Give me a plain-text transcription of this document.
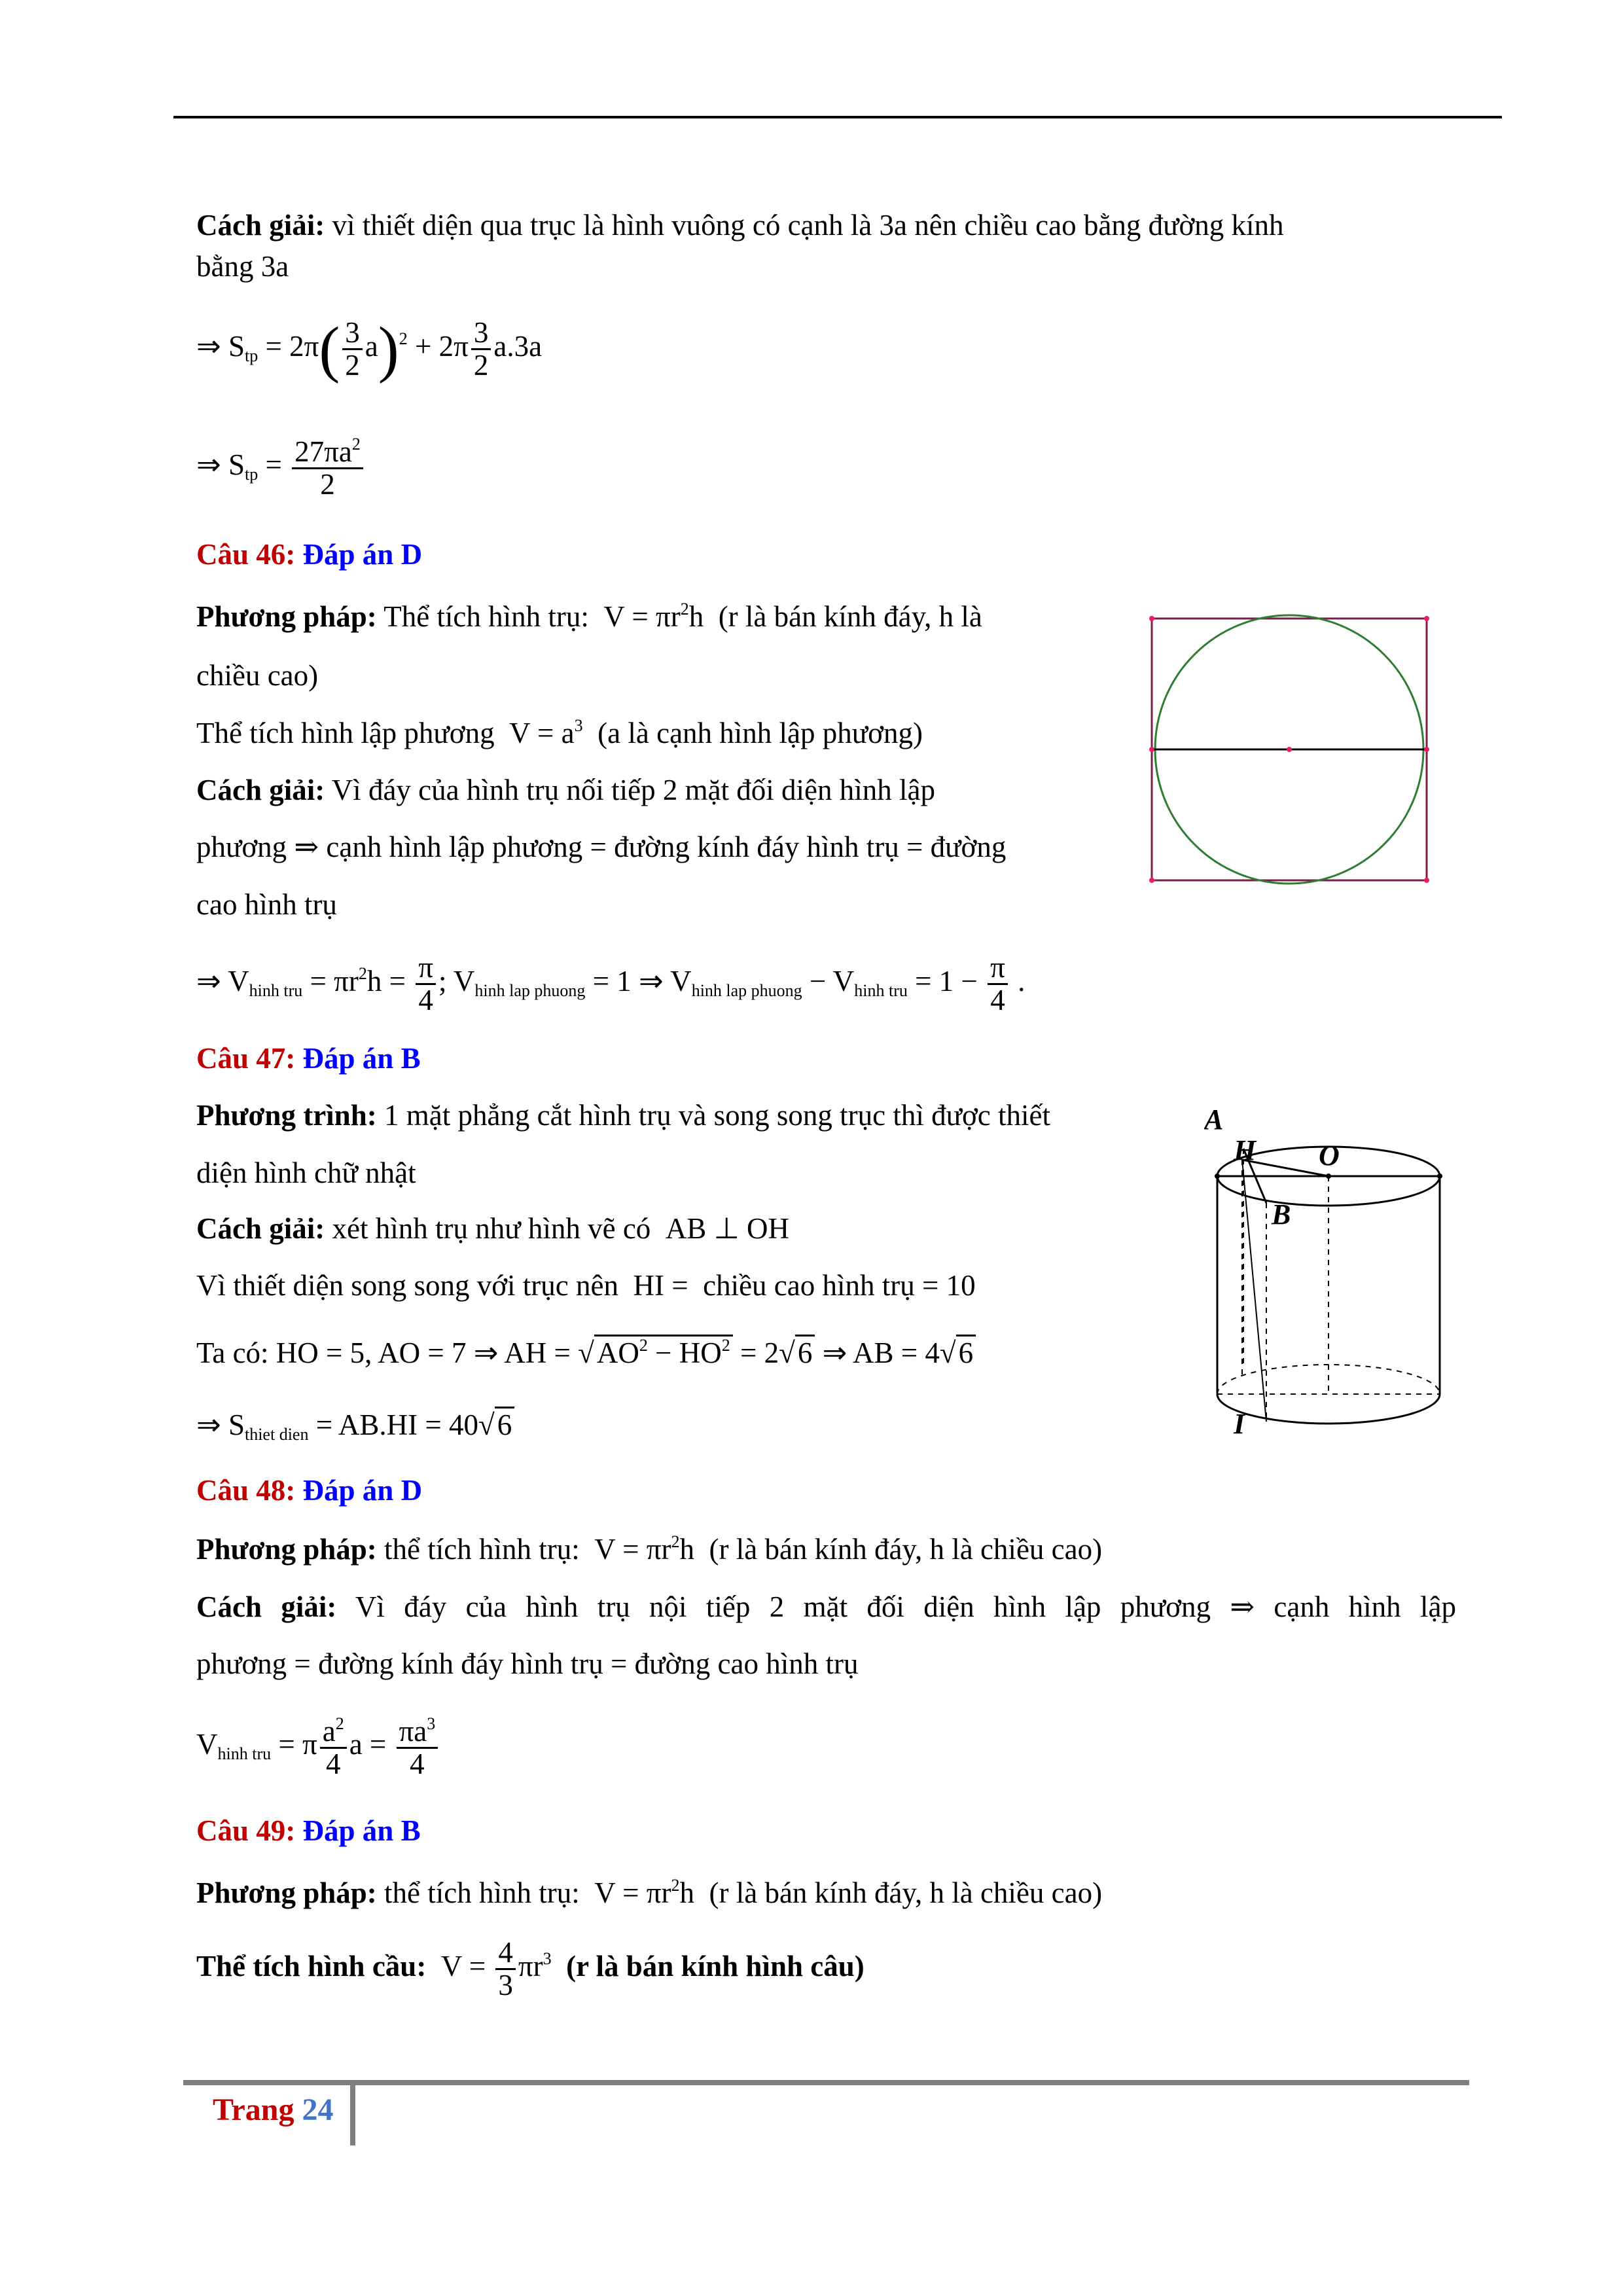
Cách giải: vì thiết diện qua trục là hình vuông có cạnh là 3a nên chiều cao bằng đường kính
bằng 3a
⇒ $S_{tp} = 2\pi( \frac{3}{2} a)^2 + 2\pi \frac{3}{2} a.3a$
⇒ $S_{tp} = \frac{27\pi a^2}{2}$
Câu 46: Đáp án D
Phương pháp: Thể tích hình trụ:  $V = \pi r^2h$  (r là bán kính đáy, h là
chiều cao)
Thể tích hình lập phương  $V = a^3$ (a là cạnh hình lập phương)
Cách giải: Vì đáy của hình trụ nối tiếp 2 mặt đối diện hình lập
phương ⇒ cạnh hình lập phương = đường kính đáy hình trụ = đường
cao hình trụ
⇒ $V_{hinh tru} = \pi r^2h = \frac{\pi}{4}$ ; $V_{hinh lap phuong} = 1$ ⇒ $V_{hinh lap phuong} - V_{hinh tru} = 1 - \frac{\pi}{4}$ .
Câu 47: Đáp án B
Phương trình: 1 mặt phẳng cắt hình trụ và song song trục thì được thiết
diện hình chữ nhật
Cách giải: xét hình trụ như hình vẽ có  AB ⊥ OH
Vì thiết diện song song với trục nên  HI =  chiều cao hình trụ = 10
Ta có: HO = 5, AO = 7 ⇒ AH = $√AO^2 - HO^2 = 2√6$ ⇒ AB = 4√6
⇒ $S_{thiet dien} = AB.HI = 40√6$
A
H O
B
I
Câu 48: Đáp án D
Phương pháp: thể tích hình trụ:  $V = \pi r^2h$  (r là bán kính đáy, h là chiều cao)
Cách giải: Vì đáy của hình trụ nội tiếp 2 mặt đối diện hình lập phương ⇒ cạnh hình lập
phương = đường kính đáy hình trụ = đường cao hình trụ
$V_{hinh tru} = \pi \frac{a^2}{4}$ $a = \frac{\pi a^3}{4}$
Câu 49: Đáp án B
Phương pháp: thể tích hình trụ:  $V = \pi r^2h$  (r là bán kính đáy, h là chiều cao)
Thể tích hình cầu:  $V = \frac{4}{3} \pi r^3$ (r là bán kính hình câu)
Trang 24
